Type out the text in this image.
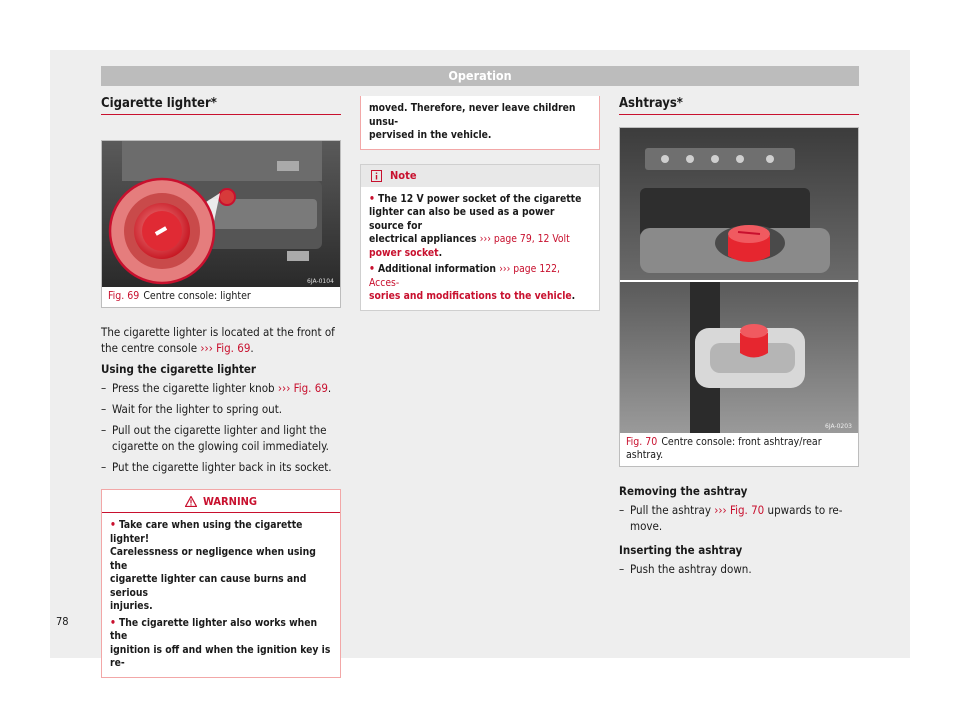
Operation
Cigarette lighter*
6JA-0104
Fig. 69 Centre console: lighter

The cigarette lighter is located at the front of

the centre console ››› Fig. 69.

Using the cigarette lighter

– Press the cigarette lighter knob ››› Fig. 69.

– Wait for the lighter to spring out.

– Pull out the cigarette lighter and light the
cigarette on the glowing coil immediately.

– Put the cigarette lighter back in its socket.

WARNING
• Take care when using the cigarette lighter!
Carelessness or negligence when using the
cigarette lighter can cause burns and serious
injuries.
• The cigarette lighter also works when the
ignition is off and when the ignition key is re-
moved. Therefore, never leave children unsu-
pervised in the vehicle.
Note
• The 12 V power socket of the cigarette
lighter can also be used as a power source for
electrical appliances ››› page 79, 12 Volt
power socket.
• Additional information ››› page 122, Acces-
sories and modifications to the vehicle.
Ashtrays*
6JA-0203
Fig. 70 Centre console: front ashtray/rear
ashtray.

Removing the ashtray

– Pull the ashtray ››› Fig. 70 upwards to re-
move.

Inserting the ashtray

– Push the ashtray down.

78
